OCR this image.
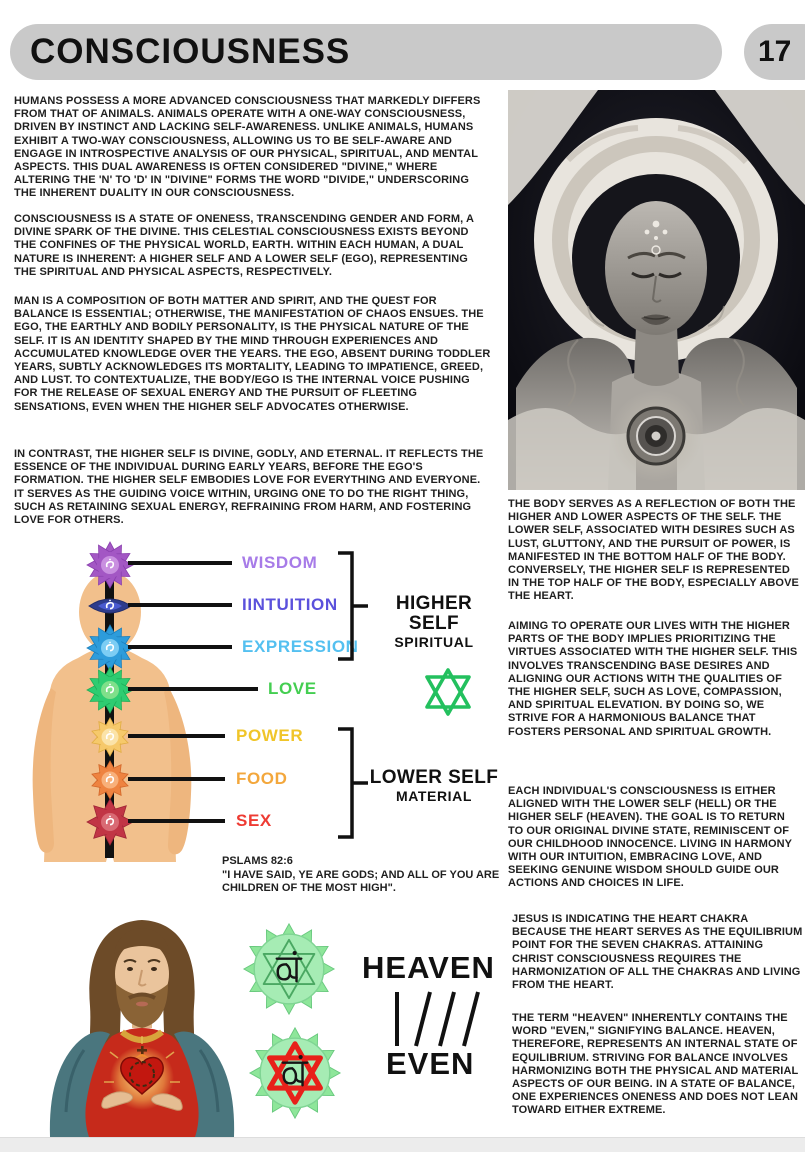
CONSCIOUSNESS	17
HUMANS POSSESS A MORE ADVANCED CONSCIOUSNESS THAT MARKEDLY DIFFERS FROM THAT OF ANIMALS. ANIMALS OPERATE WITH A ONE-WAY CONSCIOUSNESS, DRIVEN BY INSTINCT AND LACKING SELF-AWARENESS. UNLIKE ANIMALS, HUMANS EXHIBIT A TWO-WAY CONSCIOUSNESS, ALLOWING US TO BE SELF-AWARE AND ENGAGE IN INTROSPECTIVE ANALYSIS OF OUR PHYSICAL, SPIRITUAL, AND MENTAL ASPECTS. THIS DUAL AWARENESS IS OFTEN CONSIDERED "DIVINE," WHERE ALTERING THE 'N' TO 'D' IN "DIVINE" FORMS THE WORD "DIVIDE," UNDERSCORING THE INHERENT DUALITY IN OUR CONSCIOUSNESS.
CONSCIOUSNESS IS A STATE OF ONENESS, TRANSCENDING GENDER AND FORM, A DIVINE SPARK OF THE DIVINE. THIS CELESTIAL CONSCIOUSNESS EXISTS BEYOND THE CONFINES OF THE PHYSICAL WORLD, EARTH. WITHIN EACH HUMAN, A DUAL NATURE IS INHERENT: A HIGHER SELF AND A LOWER SELF (EGO), REPRESENTING THE SPIRITUAL AND PHYSICAL ASPECTS, RESPECTIVELY.
MAN IS A COMPOSITION OF BOTH MATTER AND SPIRIT, AND THE QUEST FOR BALANCE IS ESSENTIAL; OTHERWISE, THE MANIFESTATION OF CHAOS ENSUES. THE EGO, THE EARTHLY AND BODILY PERSONALITY, IS THE PHYSICAL NATURE OF THE SELF. IT IS AN IDENTITY SHAPED BY THE MIND THROUGH EXPERIENCES AND ACCUMULATED KNOWLEDGE OVER THE YEARS. THE EGO, ABSENT DURING TODDLER YEARS, SUBTLY ACKNOWLEDGES ITS MORTALITY, LEADING TO IMPATIENCE, GREED, AND LUST. TO CONTEXTUALIZE, THE BODY/EGO IS THE INTERNAL VOICE PUSHING FOR THE RELEASE OF SEXUAL ENERGY AND THE PURSUIT OF FLEETING SENSATIONS, EVEN WHEN THE HIGHER SELF ADVOCATES OTHERWISE.
IN CONTRAST, THE HIGHER SELF IS DIVINE, GODLY, AND ETERNAL. IT REFLECTS THE ESSENCE OF THE INDIVIDUAL DURING EARLY YEARS, BEFORE THE EGO'S FORMATION. THE HIGHER SELF EMBODIES LOVE FOR EVERYTHING AND EVERYONE. IT SERVES AS THE GUIDING VOICE WITHIN, URGING ONE TO DO THE RIGHT THING, SUCH AS RETAINING SEXUAL ENERGY, REFRAINING FROM HARM, AND FOSTERING LOVE FOR OTHERS.
THE BODY SERVES AS A REFLECTION OF BOTH THE HIGHER AND LOWER ASPECTS OF THE SELF. THE LOWER SELF, ASSOCIATED WITH DESIRES SUCH AS LUST, GLUTTONY, AND THE PURSUIT OF POWER, IS MANIFESTED IN THE BOTTOM HALF OF THE BODY. CONVERSELY, THE HIGHER SELF IS REPRESENTED IN THE TOP HALF OF THE BODY, ESPECIALLY ABOVE THE HEART.
AIMING TO OPERATE OUR LIVES WITH THE HIGHER PARTS OF THE BODY IMPLIES PRIORITIZING THE VIRTUES ASSOCIATED WITH THE HIGHER SELF. THIS INVOLVES TRANSCENDING BASE DESIRES AND ALIGNING OUR ACTIONS WITH THE QUALITIES OF THE HIGHER SELF, SUCH AS LOVE, COMPASSION, AND SPIRITUAL ELEVATION. BY DOING SO, WE STRIVE FOR A HARMONIOUS BALANCE THAT FOSTERS PERSONAL AND SPIRITUAL GROWTH.
EACH INDIVIDUAL'S CONSCIOUSNESS IS EITHER ALIGNED WITH THE LOWER SELF (HELL) OR THE HIGHER SELF (HEAVEN). THE GOAL IS TO RETURN TO OUR ORIGINAL DIVINE STATE, REMINISCENT OF OUR CHILDHOOD INNOCENCE. LIVING IN HARMONY WITH OUR INTUITION, EMBRACING LOVE, AND SEEKING GENUINE WISDOM SHOULD GUIDE OUR ACTIONS AND CHOICES IN LIFE.
JESUS IS INDICATING THE HEART CHAKRA BECAUSE THE HEART SERVES AS THE EQUILIBRIUM POINT FOR THE SEVEN CHAKRAS. ATTAINING CHRIST CONSCIOUSNESS REQUIRES THE HARMONIZATION OF ALL THE CHAKRAS AND LIVING FROM THE HEART.
THE TERM "HEAVEN" INHERENTLY CONTAINS THE WORD "EVEN," SIGNIFYING BALANCE. HEAVEN, THEREFORE, REPRESENTS AN INTERNAL STATE OF EQUILIBRIUM. STRIVING FOR BALANCE INVOLVES HARMONIZING BOTH THE PHYSICAL AND MATERIAL ASPECTS OF OUR BEING. IN A STATE OF BALANCE, ONE EXPERIENCES ONENESS AND DOES NOT LEAN TOWARD EITHER EXTREME.
WISDOM
IINTUITION
EXPRESSION
LOVE
POWER
FOOD
SEX
HIGHER SELF
SPIRITUAL
LOWER SELF
MATERIAL
PSLAMS 82:6
"I HAVE SAID, YE ARE GODS; AND ALL OF YOU ARE CHILDREN OF THE MOST HIGH".
HEAVEN
EVEN
